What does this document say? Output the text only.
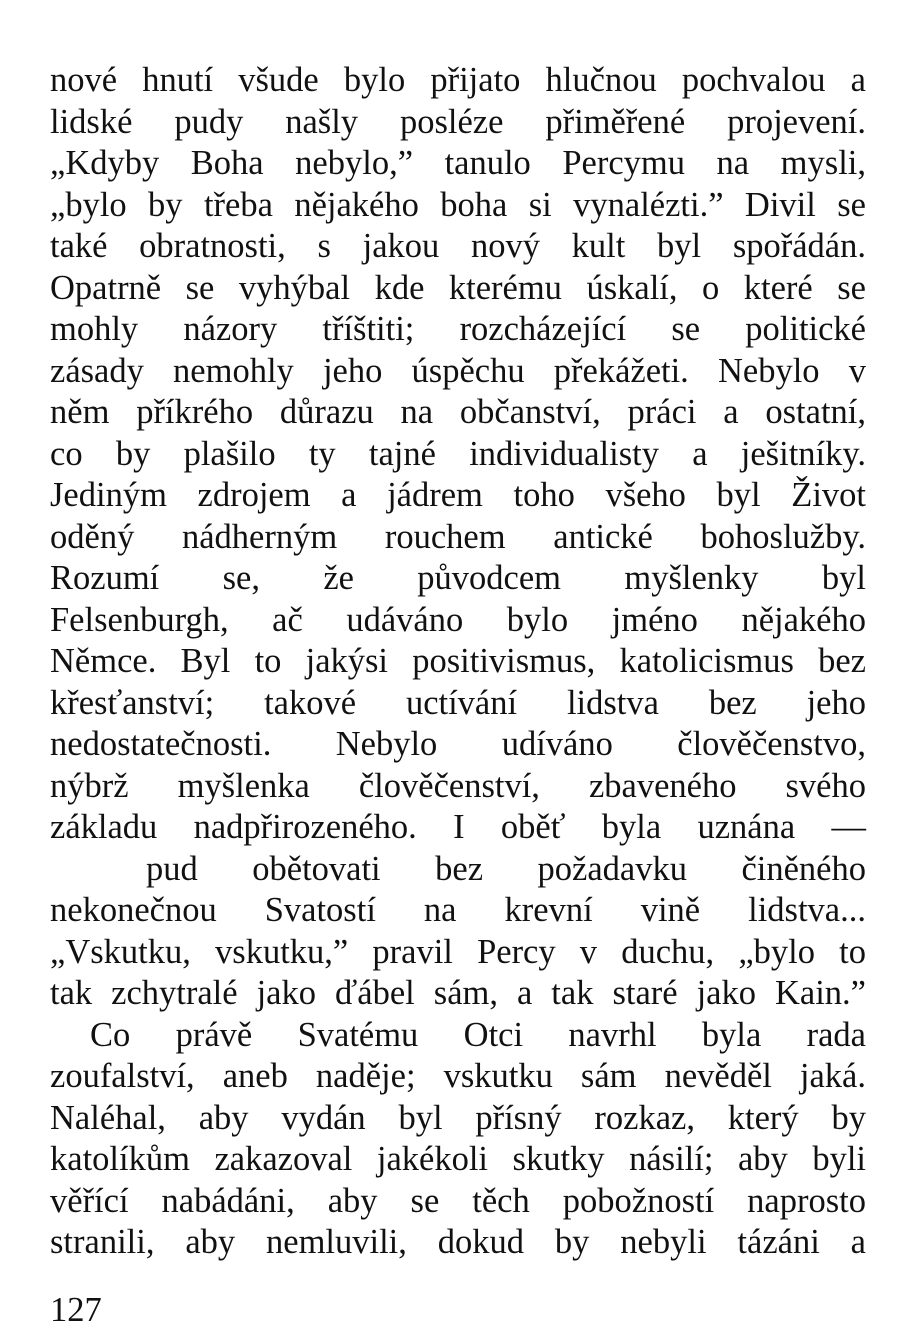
nové hnutí všude bylo přijato hlučnou pochvalou a
lidské pudy našly posléze přiměřené projevení.
„Kdyby Boha nebylo,” tanulo Percymu na mysli,
„bylo by třeba nějakého boha si vynalézti.” Divil se
také obratnosti, s jakou nový kult byl spořádán.
Opatrně se vyhýbal kde kterému úskalí, o které se
mohly názory tříštiti; rozcházející se politické
zásady nemohly jeho úspěchu překážeti. Nebylo v
něm příkrého důrazu na občanství, práci a ostatní,
co by plašilo ty tajné individualisty a ješitníky.
Jediným zdrojem a jádrem toho všeho byl Život
oděný nádherným rouchem antické bohoslužby.
Rozumí se, že původcem myšlenky byl
Felsenburgh, ač udáváno bylo jméno nějakého
Němce. Byl to jakýsi positivismus, katolicismus bez
křesťanství; takové uctívání lidstva bez jeho
nedostatečnosti. Nebylo udíváno člověčenstvo,
nýbrž myšlenka člověčenství, zbaveného svého
základu nadpřirozeného. I oběť byla uznána —
pud obětovati bez požadavku činěného
nekonečnou Svatostí na krevní vině lidstva...
„Vskutku, vskutku,” pravil Percy v duchu, „bylo to
tak zchytralé jako ďábel sám, a tak staré jako Kain.”
Co právě Svatému Otci navrhl byla rada
zoufalství, aneb naděje; vskutku sám nevěděl jaká.
Naléhal, aby vydán byl přísný rozkaz, který by
katolíkům zakazoval jakékoli skutky násilí; aby byli
věřící nabádáni, aby se těch pobožností naprosto
stranili, aby nemluvili, dokud by nebyli tázáni a
127
